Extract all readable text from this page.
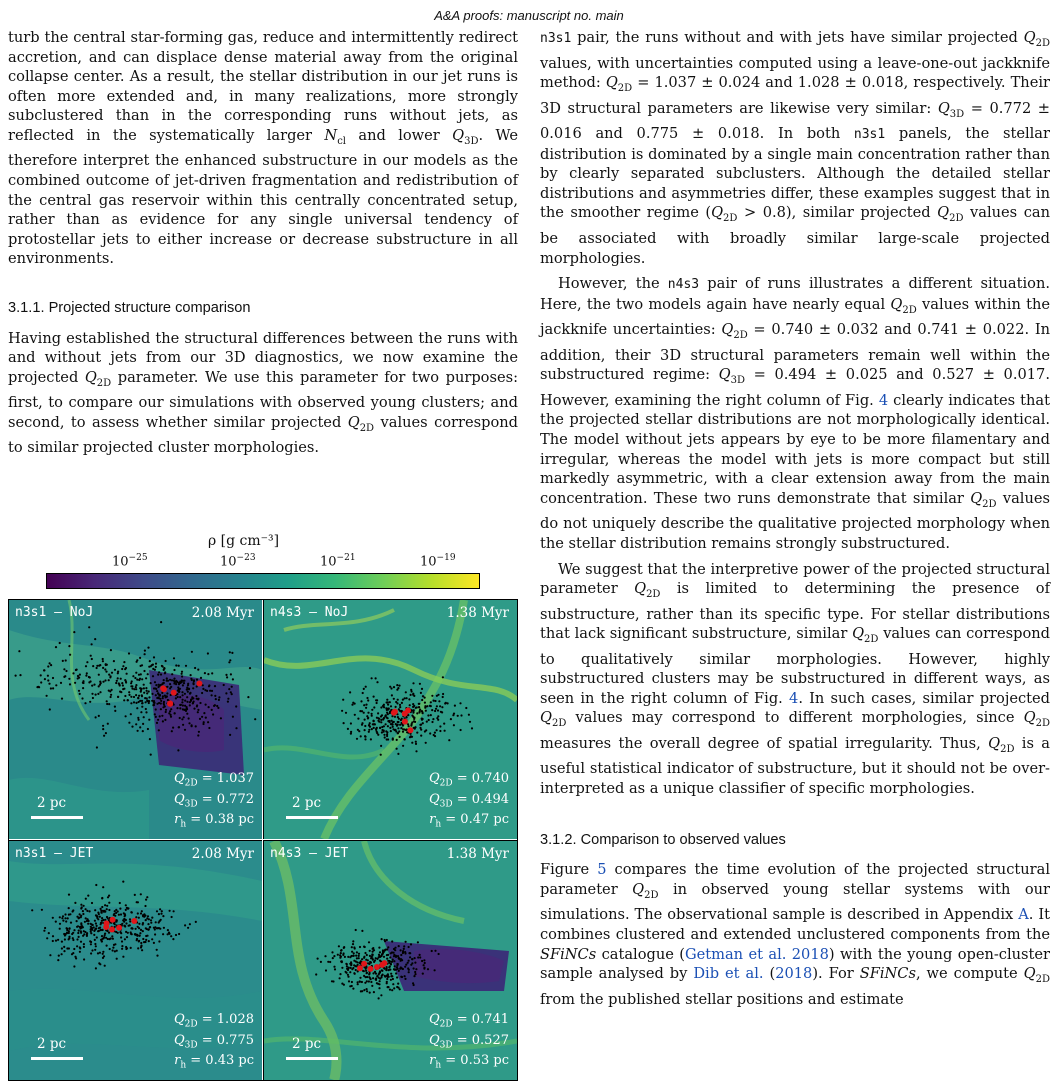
A&A proofs: manuscript no. main

turb the central star-forming gas, reduce and intermittently redirect accretion, and can displace dense material away from the original collapse center. As a result, the stellar distribution in our jet runs is often more extended and, in many realizations, more strongly subclustered than in the corresponding runs without jets, as reflected in the systematically larger $N_{cl}$ and lower $Q_{3D}$. We therefore interpret the enhanced substructure in our models as the combined outcome of jet-driven fragmentation and redistribution of the central gas reservoir within this centrally concentrated setup, rather than as evidence for any single universal tendency of protostellar jets to either increase or decrease substructure in all environments.

3.1.1. Projected structure comparison

Having established the structural differences between the runs with and without jets from our 3D diagnostics, we now examine the projected $Q_{2D}$ parameter. We use this parameter for two purposes: first, to compare our simulations with observed young clusters; and second, to assess whether similar projected $Q_{2D}$ values correspond to similar projected cluster morphologies.

ρ [g cm⁻³]
$10^{-25}$	$10^{-23}$	$10^{-21}$	$10^{-19}$
n3s1 – NoJ	2.08 Myr
2 pc
$Q_{2D} = 1.037$
$Q_{3D} = 0.772$
$r_h = 0.38$ pc
n4s3 – NoJ	1.38 Myr
2 pc
$Q_{2D} = 0.740$
$Q_{3D} = 0.494$
$r_h = 0.47$ pc
n3s1 – JET	2.08 Myr
2 pc
$Q_{2D} = 1.028$
$Q_{3D} = 0.775$
$r_h = 0.43$ pc
n4s3 – JET	1.38 Myr
2 pc
$Q_{2D} = 0.741$
$Q_{3D} = 0.527$
$r_h = 0.53$ pc

n3s1 pair, the runs without and with jets have similar projected $Q_{2D}$ values, with uncertainties computed using a leave-one-out jackknife method: $Q_{2D} = 1.037 \pm 0.024$ and 1.028 ± 0.018, respectively. Their 3D structural parameters are likewise very similar: $Q_{3D} = 0.772 \pm 0.016$ and 0.775 ± 0.018. In both n3s1 panels, the stellar distribution is dominated by a single main concentration rather than by clearly separated subclusters. Although the detailed stellar distributions and asymmetries differ, these examples suggest that in the smoother regime $(Q_{2D} > 0.8)$, similar projected $Q_{2D}$ values can be associated with broadly similar large-scale projected morphologies.

However, the n4s3 pair of runs illustrates a different situation. Here, the two models again have nearly equal $Q_{2D}$ values within the jackknife uncertainties: $Q_{2D} = 0.740 \pm 0.032$ and 0.741 ± 0.022. In addition, their 3D structural parameters remain well within the substructured regime: $Q_{3D} = 0.494 \pm 0.025$ and 0.527 ± 0.017. However, examining the right column of Fig. 4 clearly indicates that the projected stellar distributions are not morphologically identical. The model without jets appears by eye to be more filamentary and irregular, whereas the model with jets is more compact but still markedly asymmetric, with a clear extension away from the main concentration. These two runs demonstrate that similar $Q_{2D}$ values do not uniquely describe the qualitative projected morphology when the stellar distribution remains strongly substructured.

We suggest that the interpretive power of the projected structural parameter $Q_{2D}$ is limited to determining the presence of substructure, rather than its specific type. For stellar distributions that lack significant substructure, similar $Q_{2D}$ values can correspond to qualitatively similar morphologies. However, highly substructured clusters may be substructured in different ways, as seen in the right column of Fig. 4. In such cases, similar projected $Q_{2D}$ values may correspond to different morphologies, since $Q_{2D}$ measures the overall degree of spatial irregularity. Thus, $Q_{2D}$ is a useful statistical indicator of substructure, but it should not be over-interpreted as a unique classifier of specific morphologies.

3.1.2. Comparison to observed values

Figure 5 compares the time evolution of the projected structural parameter $Q_{2D}$ in observed young stellar systems with our simulations. The observational sample is described in Appendix A. It combines clustered and extended unclustered components from the SFiNCs catalogue (Getman et al. 2018) with the young open-cluster sample analysed by Dib et al. (2018). For SFiNCs, we compute $Q_{2D}$ from the published stellar positions and estimate
